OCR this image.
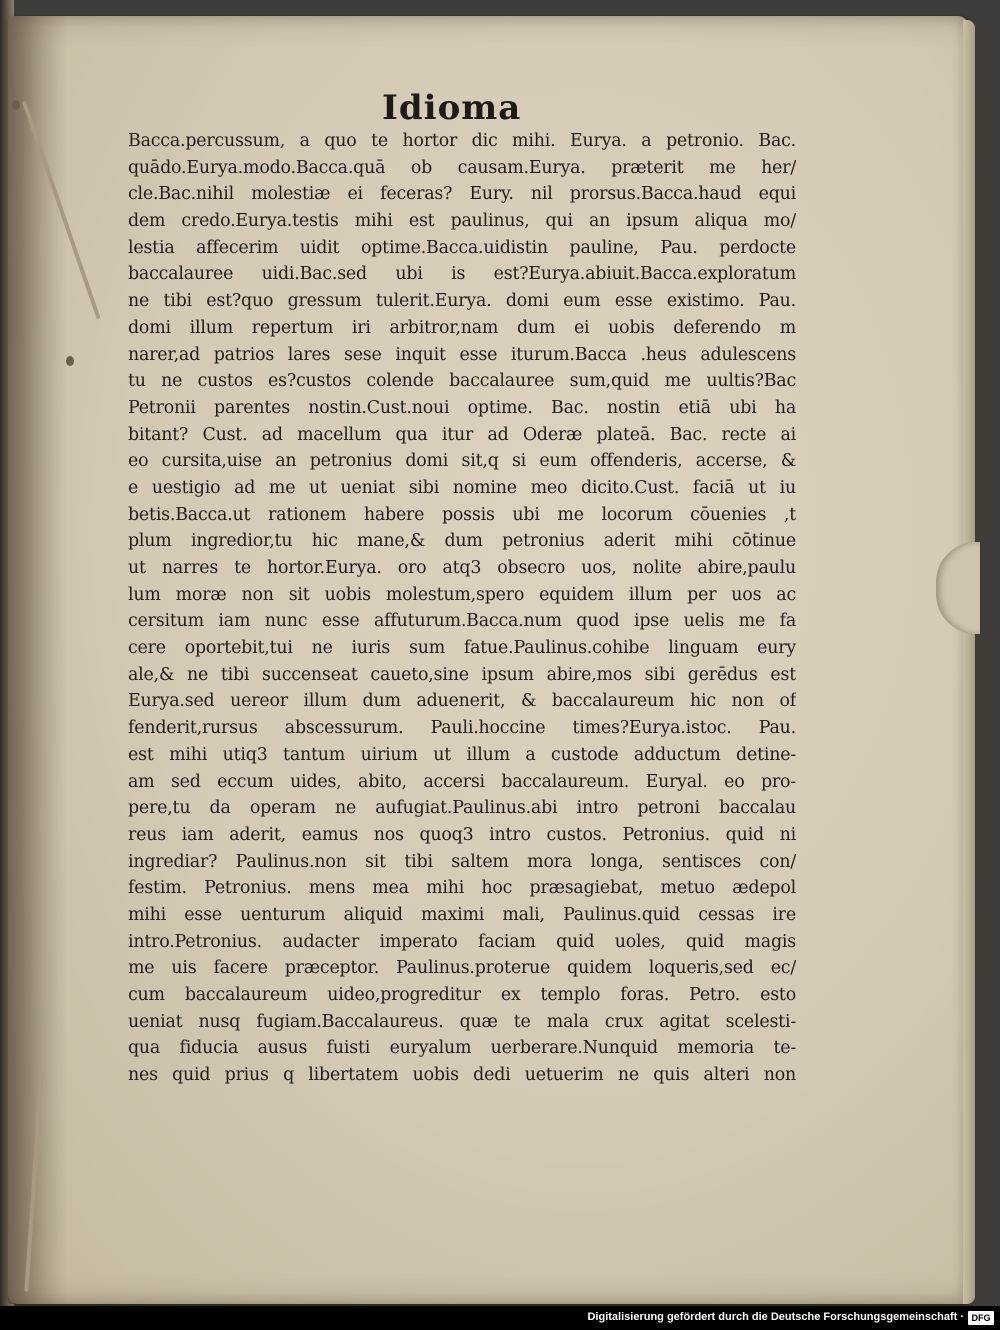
Idioma
Bacca.percussum, a quo te hortor dic mihi. Eurya. a petronio. Bac.
quādo.Eurya.modo.Bacca.quā ob causam.Eurya. præterit me her/
cle.Bac.nihil molestiæ ei feceras? Eury. nil prorsus.Bacca.haud equi
dem credo.Eurya.testis mihi est paulinus, qui an ipsum aliqua mo/
lestia affecerim uidit optime.Bacca.uidistin pauline, Pau. perdocte
baccalauree uidi.Bac.sed ubi is est?Eurya.abiuit.Bacca.exploratum
ne tibi est?quo gressum tulerit.Eurya. domi eum esse existimo. Pau.
domi illum repertum iri arbitror,nam dum ei uobis deferendo m
narer,ad patrios lares sese inquit esse iturum.Bacca .heus adulescens
tu ne custos es?custos colende baccalauree sum,quid me uultis?Bac
Petronii parentes nostin.Cust.noui optime. Bac. nostin etiā ubi ha
bitant? Cust. ad macellum qua itur ad Oderæ plateā. Bac. recte ai
eo cursita,uise an petronius domi sit,q si eum offenderis, accerse, &
e uestigio ad me ut ueniat sibi nomine meo dicito.Cust. faciā ut iu
betis.Bacca.ut rationem habere possis ubi me locorum cōuenies ,t
plum ingredior,tu hic mane,& dum petronius aderit mihi cōtinue
ut narres te hortor.Eurya. oro atq3 obsecro uos, nolite abire,paulu
lum moræ non sit uobis molestum,spero equidem illum per uos ac
cersitum iam nunc esse affuturum.Bacca.num quod ipse uelis me fa
cere oportebit,tui ne iuris sum fatue.Paulinus.cohibe linguam eury
ale,& ne tibi succenseat caueto,sine ipsum abire,mos sibi gerēdus est
Eurya.sed uereor illum dum aduenerit, & baccalaureum hic non of
fenderit,rursus abscessurum. Pauli.hoccine times?Eurya.istoc. Pau.
est mihi utiq3 tantum uirium ut illum a custode adductum detine-
am sed eccum uides, abito, accersi baccalaureum. Euryal. eo pro-
pere,tu da operam ne aufugiat.Paulinus.abi intro petroni baccalau
reus iam aderit, eamus nos quoq3 intro custos. Petronius. quid ni
ingrediar? Paulinus.non sit tibi saltem mora longa, sentisces con/
festim. Petronius. mens mea mihi hoc præsagiebat, metuo ædepol
mihi esse uenturum aliquid maximi mali, Paulinus.quid cessas ire
intro.Petronius. audacter imperato faciam quid uoles, quid magis
me uis facere præceptor. Paulinus.proterue quidem loqueris,sed ec/
cum baccalaureum uideo,progreditur ex templo foras. Petro. esto
ueniat nusq fugiam.Baccalaureus. quæ te mala crux agitat scelesti-
qua fiducia ausus fuisti euryalum uerberare.Nunquid memoria te-
nes quid prius q libertatem uobis dedi uetuerim ne quis alteri non
Digitalisierung gefördert durch die Deutsche Forschungsgemeinschaft · DFG
